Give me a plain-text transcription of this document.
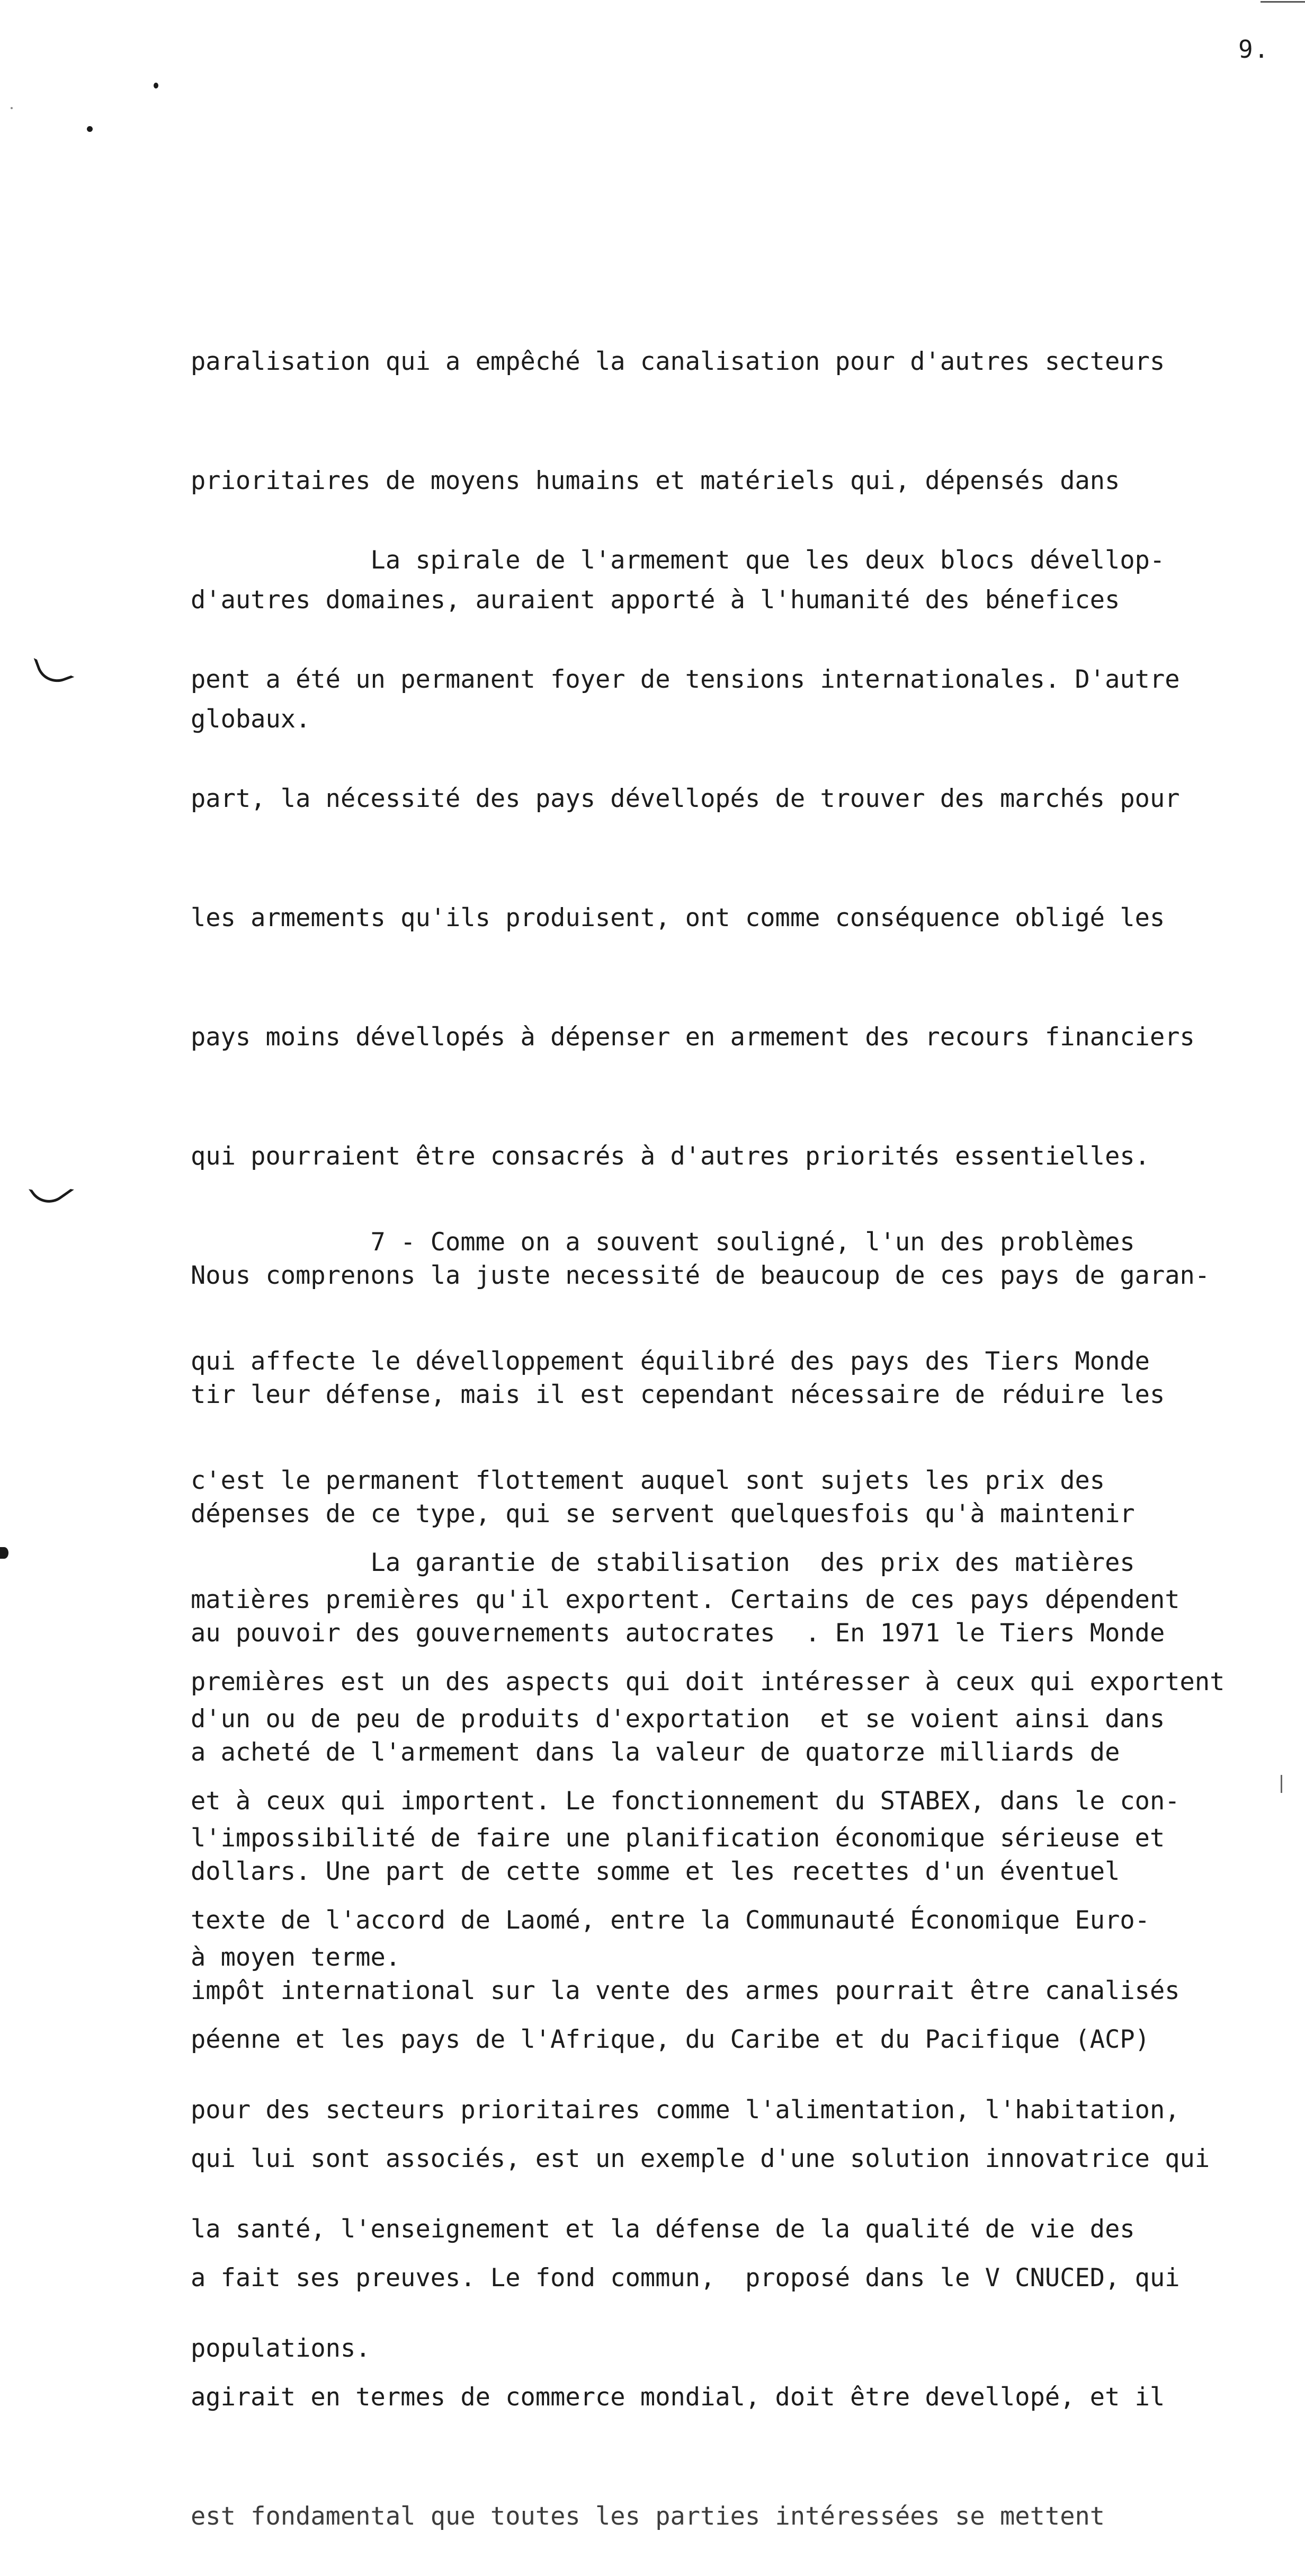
9.

paralisation qui a empêché la canalisation pour d'autres secteurs

prioritaires de moyens humains et matériels qui, dépensés dans

d'autres domaines, auraient apporté à l'humanité des bénefices

globaux.

La spirale de l'armement que les deux blocs dévellop-

pent a été un permanent foyer de tensions internationales. D'autre

part, la nécessité des pays dévellopés de trouver des marchés pour

les armements qu'ils produisent, ont comme conséquence obligé les

pays moins dévellopés à dépenser en armement des recours financiers

qui pourraient être consacrés à d'autres priorités essentielles.

Nous comprenons la juste necessité de beaucoup de ces pays de garan-

tir leur défense, mais il est cependant nécessaire de réduire les

dépenses de ce type, qui se servent quelquesfois qu'à maintenir

au pouvoir des gouvernements autocrates  . En 1971 le Tiers Monde

a acheté de l'armement dans la valeur de quatorze milliards de

dollars. Une part de cette somme et les recettes d'un éventuel

impôt international sur la vente des armes pourrait être canalisés

pour des secteurs prioritaires comme l'alimentation, l'habitation,

la santé, l'enseignement et la défense de la qualité de vie des

populations.

7 - Comme on a souvent souligné, l'un des problèmes

qui affecte le dévelloppement équilibré des pays des Tiers Monde

c'est le permanent flottement auquel sont sujets les prix des

matières premières qu'il exportent. Certains de ces pays dépendent

d'un ou de peu de produits d'exportation  et se voient ainsi dans

l'impossibilité de faire une planification économique sérieuse et

à moyen terme.

La garantie de stabilisation  des prix des matières

premières est un des aspects qui doit intéresser à ceux qui exportent

et à ceux qui importent. Le fonctionnement du STABEX, dans le con-

texte de l'accord de Laomé, entre la Communauté Économique Euro-

péenne et les pays de l'Afrique, du Caribe et du Pacifique (ACP)

qui lui sont associés, est un exemple d'une solution innovatrice qui

a fait ses preuves. Le fond commun,  proposé dans le V CNUCED, qui

agirait en termes de commerce mondial, doit être devellopé, et il

est fondamental que toutes les parties intéressées se mettent
